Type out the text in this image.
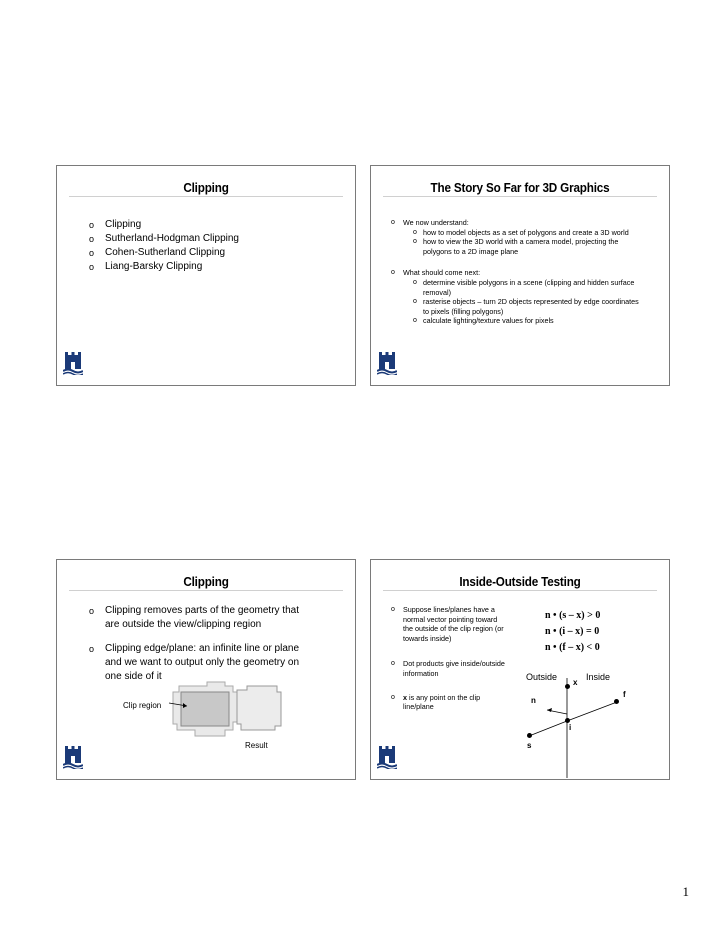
Clipping
o Clipping
o Sutherland-Hodgman Clipping
o Cohen-Sutherland Clipping
o Liang-Barsky Clipping
The Story So Far for 3D Graphics
o We now understand:
o how to model objects as a set of polygons and create a 3D world
o how to view the 3D world with a camera model, projecting the polygons to a 2D image plane
o What should come next:
o determine visible polygons in a scene (clipping and hidden surface removal)
o rasterise objects – turn 2D objects represented by edge coordinates to pixels (filling polygons)
o calculate lighting/texture values for pixels
Clipping
o Clipping removes parts of the geometry that are outside the view/clipping region
o Clipping edge/plane: an infinite line or plane and we want to output only the geometry on one side of it
Clip region
Result
Inside-Outside Testing
o Suppose lines/planes have a normal vector pointing toward the outside of the clip region (or towards inside)
o Dot products give inside/outside information
o x is any point on the clip line/plane
n • (s – x) > 0
n • (i – x) = 0
n • (f – x) < 0
Outside	Inside
x
f
n
i
s
1
